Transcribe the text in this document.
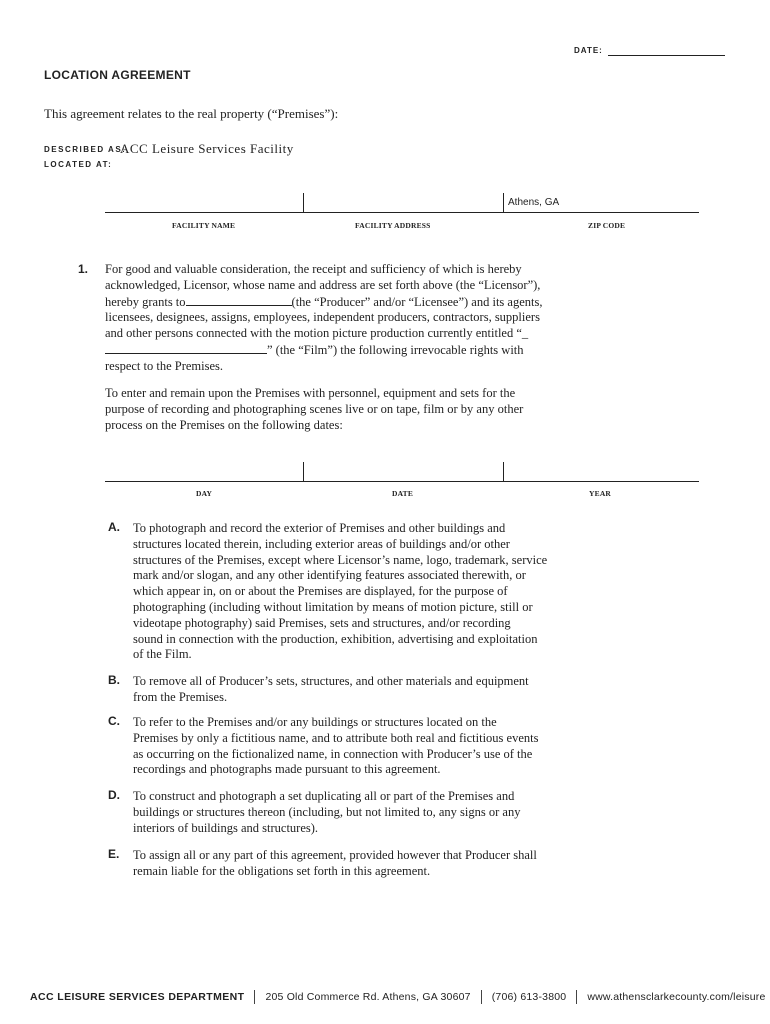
DATE:
LOCATION AGREEMENT
This agreement relates to the real property (“Premises”):
DESCRIBED AS:
ACC Leisure Services Facility
LOCATED AT:
Athens, GA
FACILITY NAME	FACILITY ADDRESS	ZIP CODE
1. For good and valuable consideration, the receipt and sufficiency of which is hereby

acknowledged, Licensor, whose name and address are set forth above (the “Licensor”),

hereby grants to	(the “Producer” and/or “Licensee”) and its agents,

licensees, designees, assigns, employees, independent producers, contractors, suppliers

and other persons connected with the motion picture production currently entitled “_

” (the “Film”) the following irrevocable rights with

respect to the Premises.

To enter and remain upon the Premises with personnel, equipment and sets for the

purpose of recording and photographing scenes live or on tape, film or by any other

process on the Premises on the following dates:

DAY	DATE	YEAR
A. To photograph and record the exterior of Premises and other buildings and

structures located therein, including exterior areas of buildings and/or other

structures of the Premises, except where Licensor’s name, logo, trademark, service

mark and/or slogan, and any other identifying features associated therewith, or

which appear in, on or about the Premises are displayed, for the purpose of

photographing (including without limitation by means of motion picture, still or

videotape photography) said Premises, sets and structures, and/or recording

sound in connection with the production, exhibition, advertising and exploitation

of the Film.

B. To remove all of Producer’s sets, structures, and other materials and equipment

from the Premises.

C. To refer to the Premises and/or any buildings or structures located on the

Premises by only a fictitious name, and to attribute both real and fictitious events

as occurring on the fictionalized name, in connection with Producer’s use of the

recordings and photographs made pursuant to this agreement.

D. To construct and photograph a set duplicating all or part of the Premises and

buildings or structures thereon (including, but not limited to, any signs or any

interiors of buildings and structures).

E. To assign all or any part of this agreement, provided however that Producer shall

remain liable for the obligations set forth in this agreement.

ACC LEISURE SERVICES DEPARTMENT 205 Old Commerce Rd. Athens, GA 30607 (706) 613-3800 www.athensclarkecounty.com/leisure
